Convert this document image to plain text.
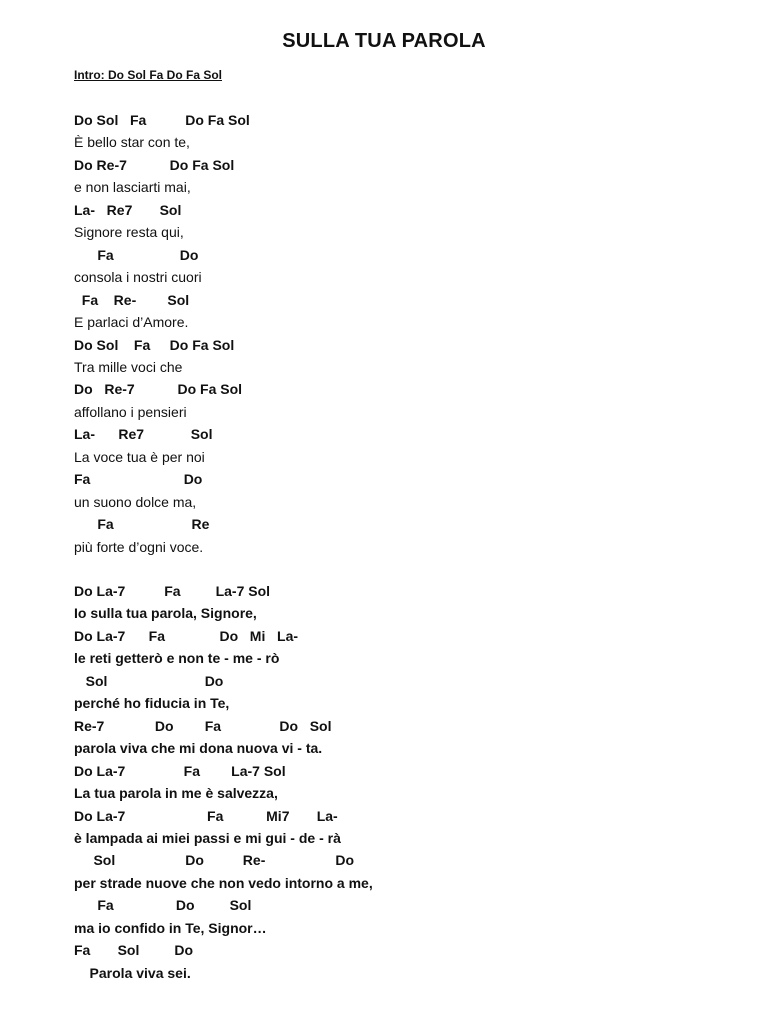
SULLA TUA PAROLA
Intro: Do Sol Fa Do Fa Sol
Do Sol   Fa          Do Fa Sol
È bello star con te,
Do Re-7           Do Fa Sol
e non lasciarti mai,
La-   Re7       Sol
Signore resta qui,
Fa                 Do
consola i nostri cuori
Fa    Re-        Sol
E parlaci d’Amore.
Do Sol    Fa     Do Fa Sol
Tra mille voci che
Do   Re-7           Do Fa Sol
affollano i pensieri
La-      Re7            Sol
La voce tua è per noi
Fa                        Do
un suono dolce ma,
Fa                    Re
più forte d’ogni voce.
Do La-7          Fa         La-7 Sol
Io sulla tua parola, Signore,
Do La-7      Fa              Do   Mi   La-
le reti getterò e non te - me - rò
Sol                         Do
perché ho fiducia in Te,
Re-7             Do        Fa               Do   Sol
parola viva che mi dona nuova vi - ta.
Do La-7               Fa        La-7 Sol
La tua parola in me è salvezza,
Do La-7                     Fa           Mi7       La-
è lampada ai miei passi e mi gui - de - rà
Sol                  Do          Re-                  Do
per strade nuove che non vedo intorno a me,
Fa                Do         Sol
ma io confido in Te, Signor…
Fa       Sol         Do
Parola viva sei.
